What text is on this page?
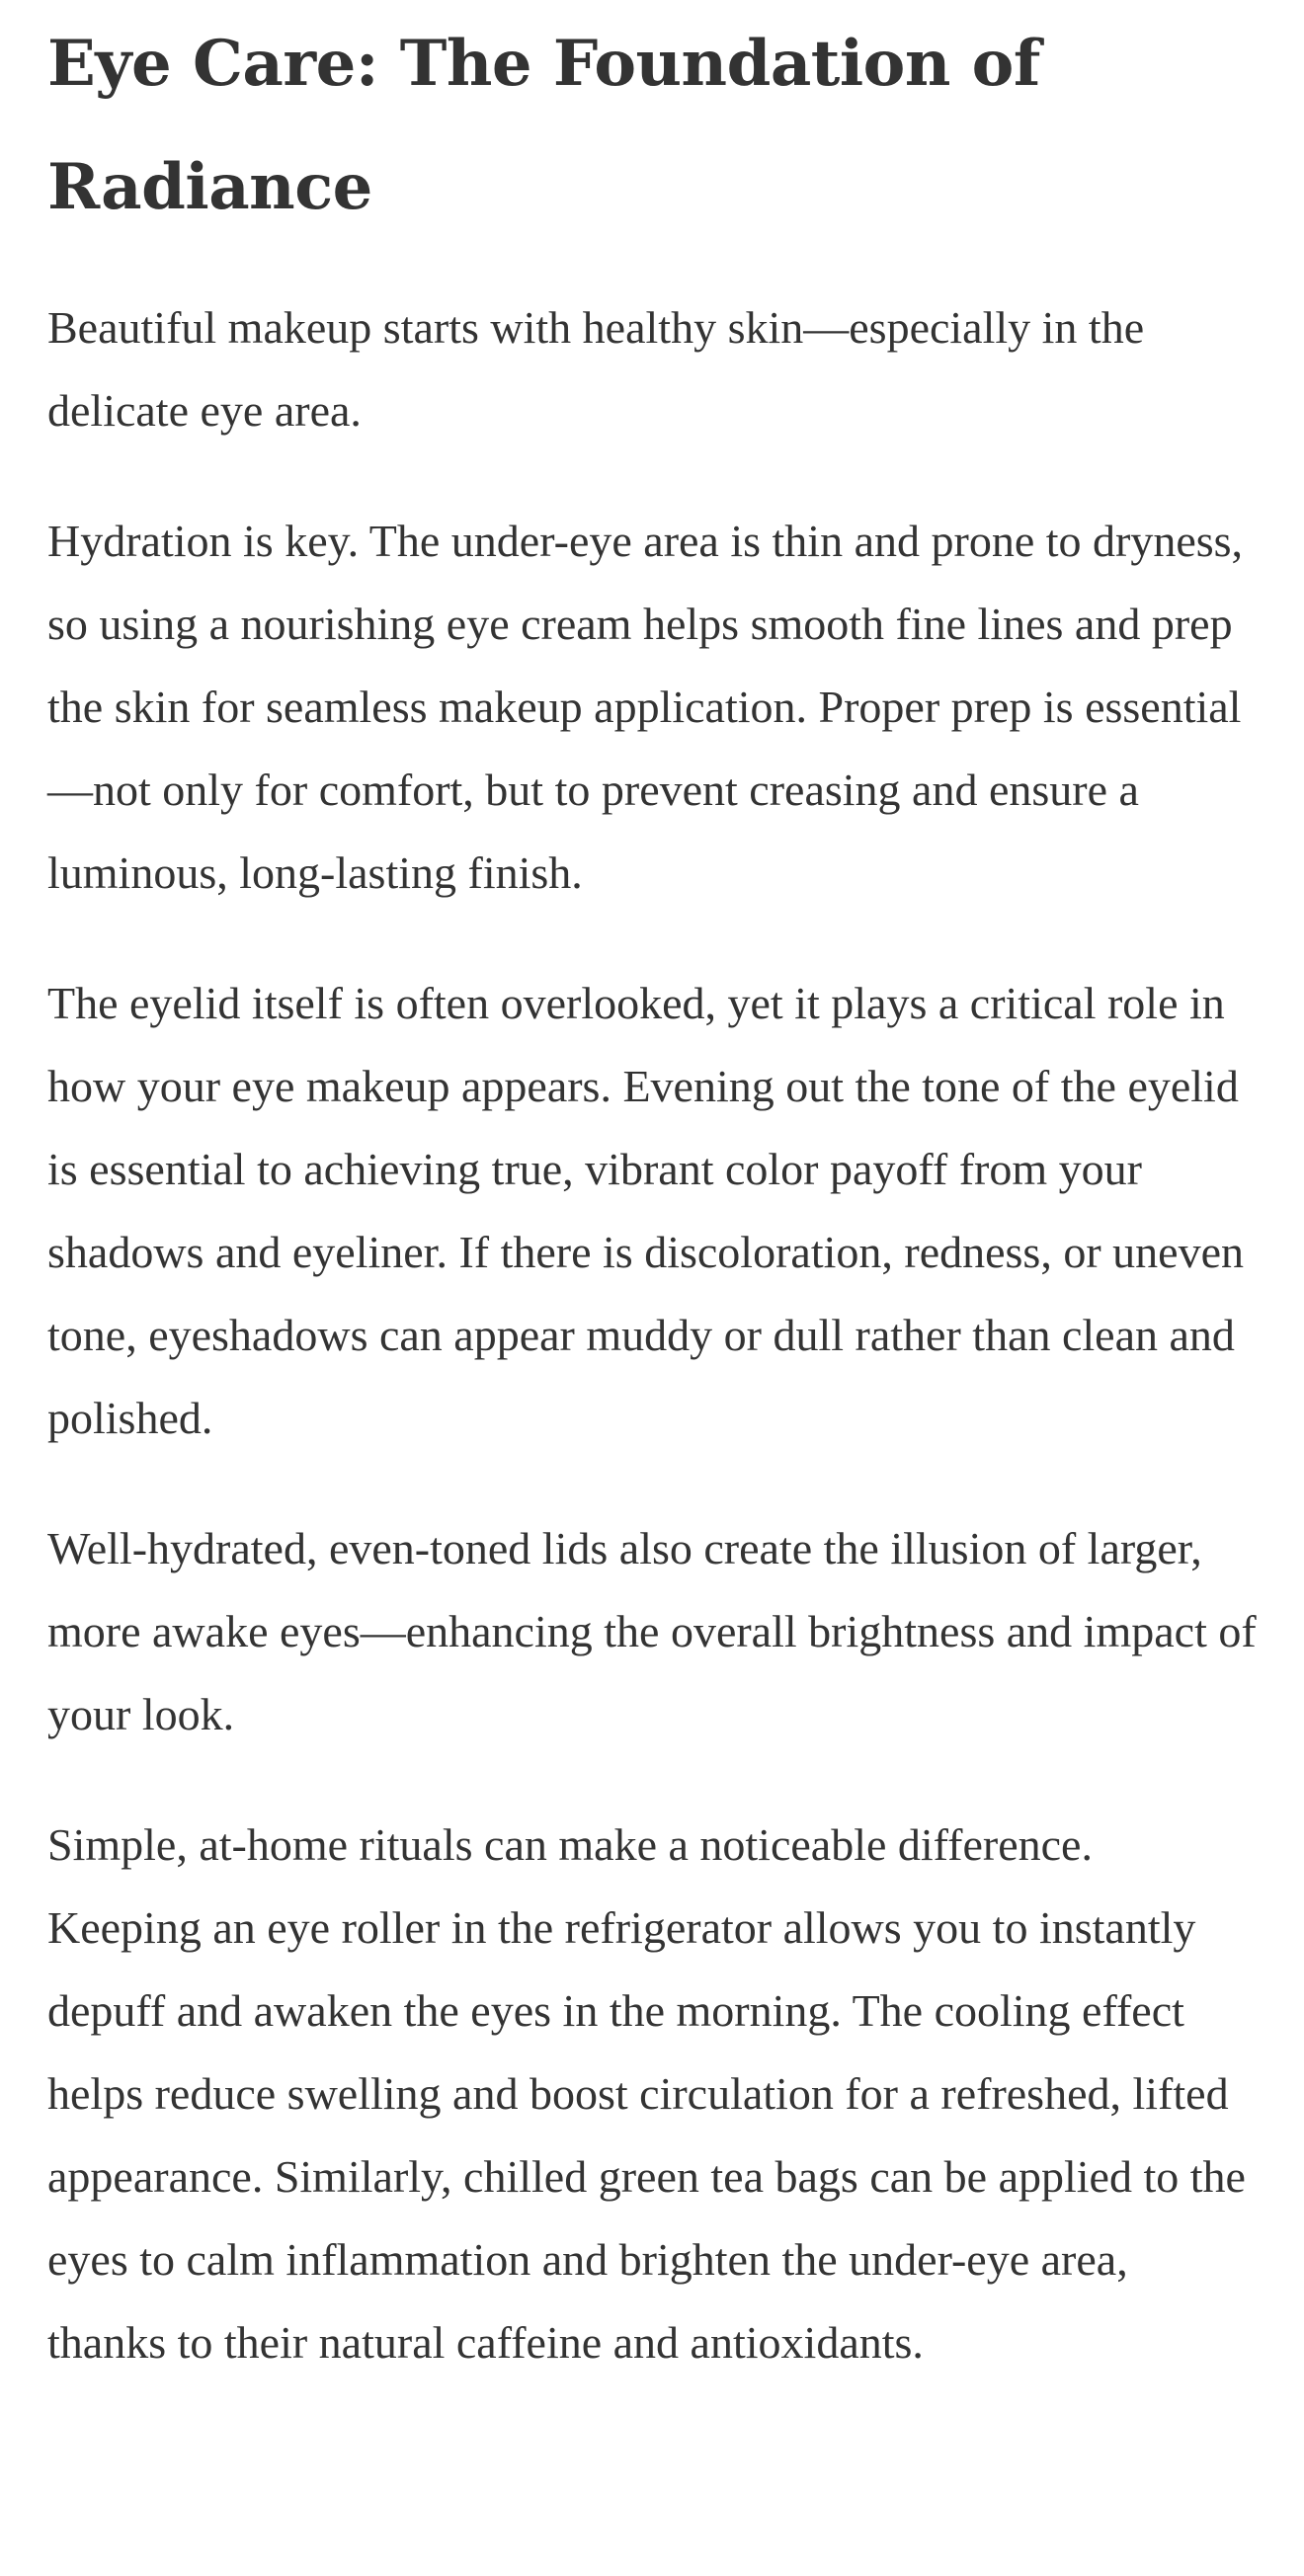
Eye Care: The Foundation of Radiance

Beautiful makeup starts with healthy skin—especially in the delicate eye area.

Hydration is key. The under-eye area is thin and prone to dryness, so using a nourishing eye cream helps smooth fine lines and prep the skin for seamless makeup application. Proper prep is essential—not only for comfort, but to prevent creasing and ensure a luminous, long-lasting finish.

The eyelid itself is often overlooked, yet it plays a critical role in how your eye makeup appears. Evening out the tone of the eyelid is essential to achieving true, vibrant color payoff from your shadows and eyeliner. If there is discoloration, redness, or uneven tone, eyeshadows can appear muddy or dull rather than clean and polished.

Well-hydrated, even-toned lids also create the illusion of larger, more awake eyes—enhancing the overall brightness and impact of your look.

Simple, at-home rituals can make a noticeable difference. Keeping an eye roller in the refrigerator allows you to instantly depuff and awaken the eyes in the morning. The cooling effect helps reduce swelling and boost circulation for a refreshed, lifted appearance. Similarly, chilled green tea bags can be applied to the eyes to calm inflammation and brighten the under-eye area, thanks to their natural caffeine and antioxidants.
